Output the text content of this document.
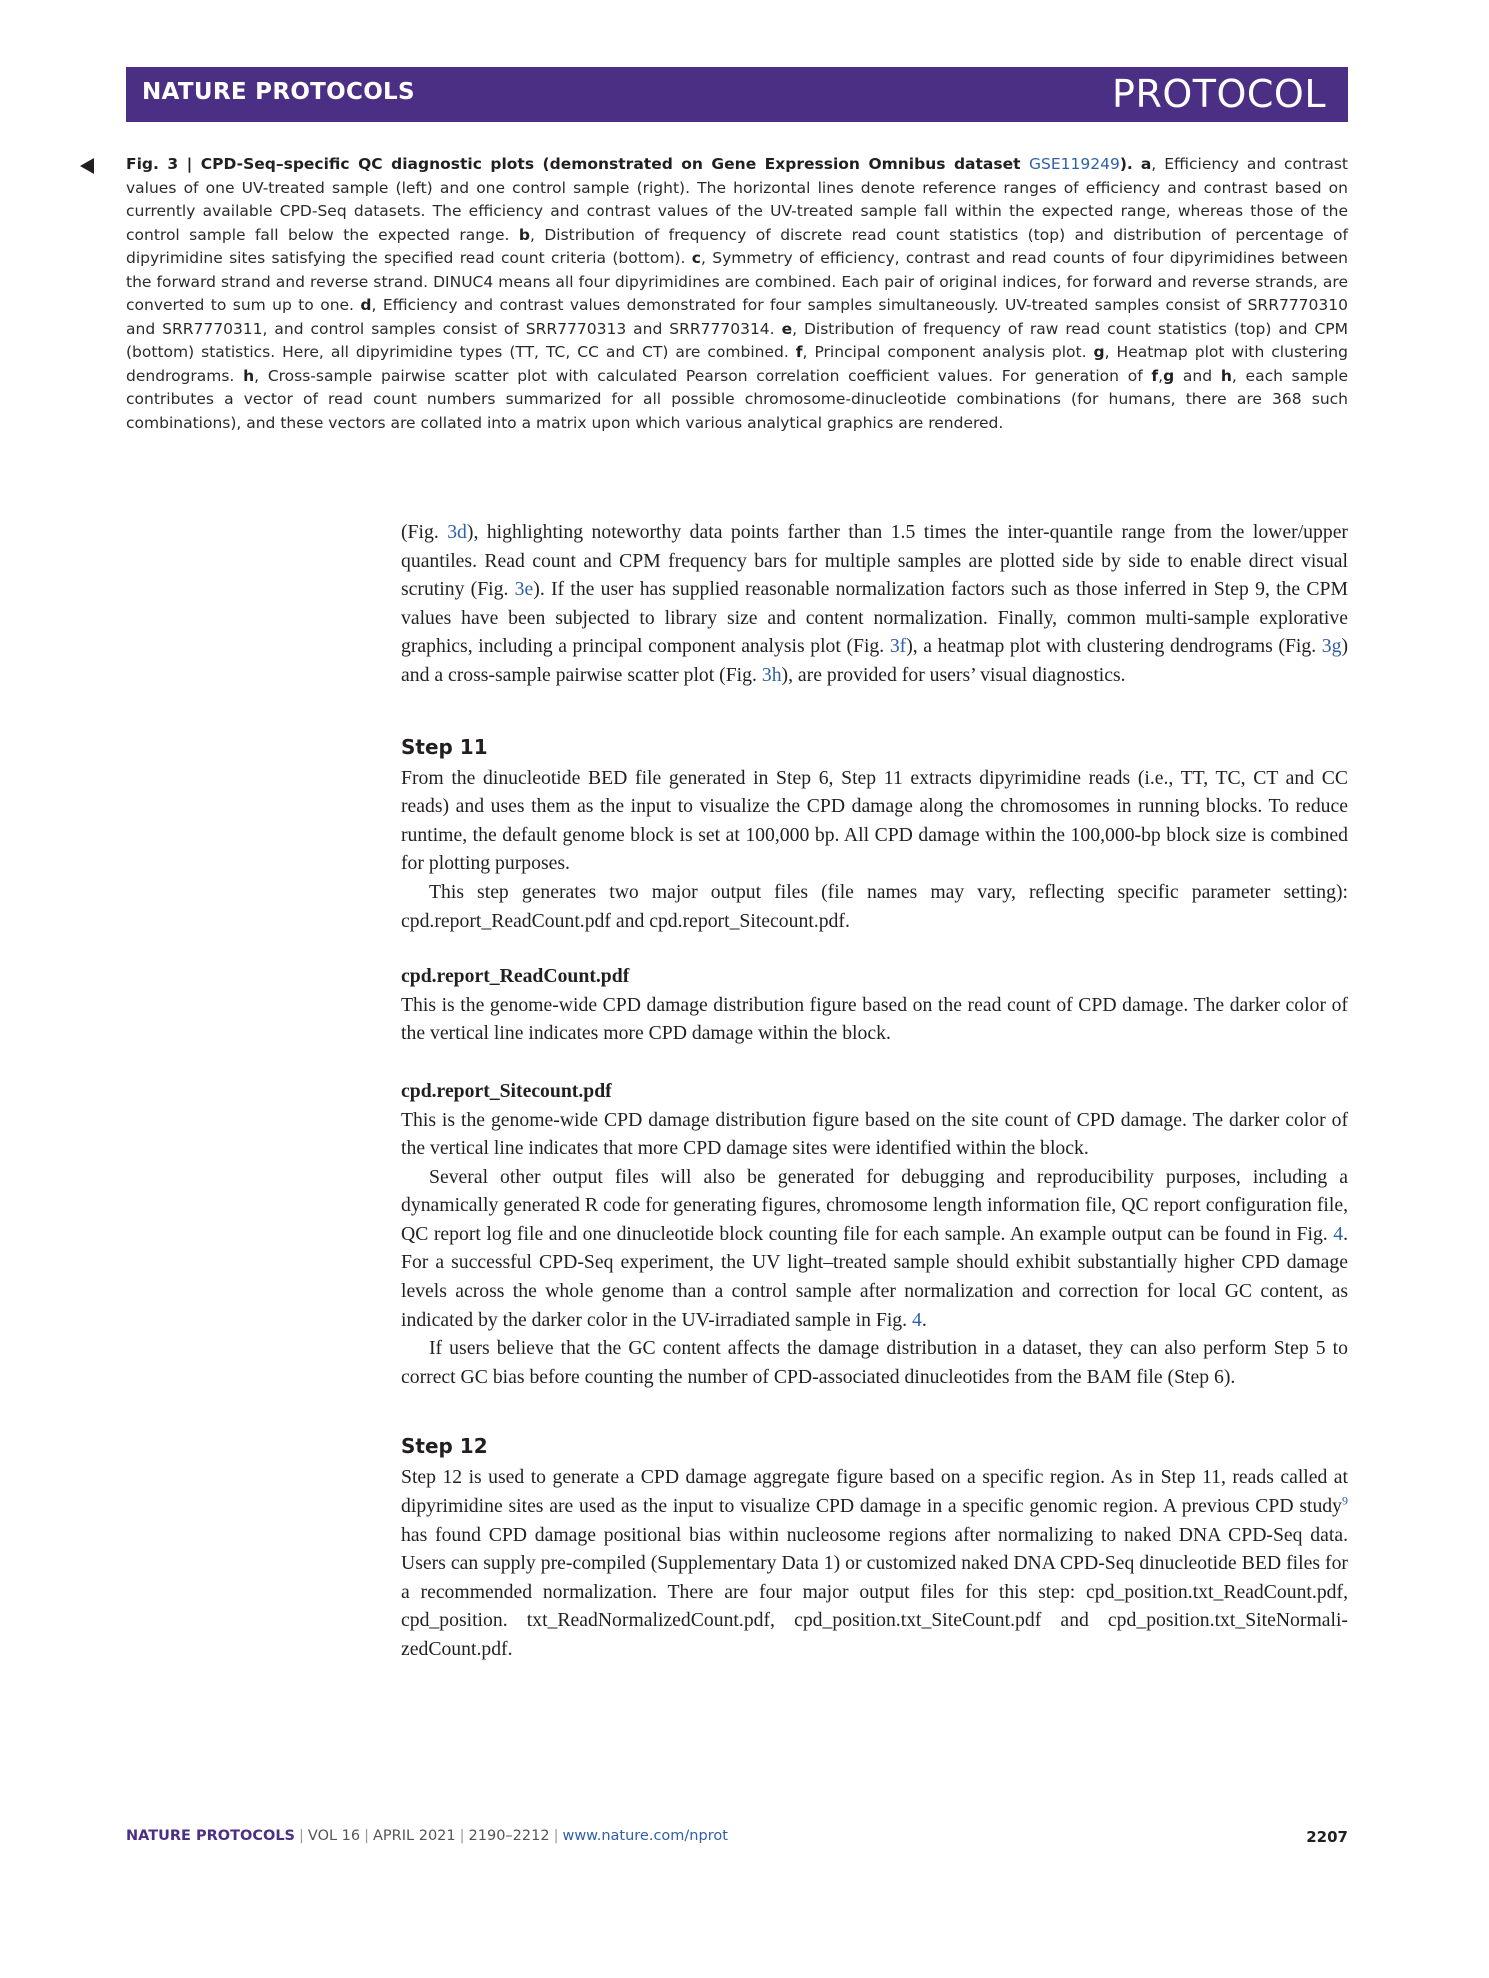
NATURE PROTOCOLS	PROTOCOL
Fig. 3 | CPD-Seq–specific QC diagnostic plots (demonstrated on Gene Expression Omnibus dataset GSE119249). a, Efficiency and contrast values of one UV-treated sample (left) and one control sample (right). The horizontal lines denote reference ranges of efficiency and contrast based on currently available CPD-Seq datasets. The efficiency and contrast values of the UV-treated sample fall within the expected range, whereas those of the control sample fall below the expected range. b, Distribution of frequency of discrete read count statistics (top) and distribution of percentage of dipyrimidine sites satisfying the specified read count criteria (bottom). c, Symmetry of efficiency, contrast and read counts of four dipyrimidines between the forward strand and reverse strand. DINUC4 means all four dipyrimidines are combined. Each pair of original indices, for forward and reverse strands, are converted to sum up to one. d, Efficiency and contrast values demonstrated for four samples simultaneously. UV-treated samples consist of SRR7770310 and SRR7770311, and control samples consist of SRR7770313 and SRR7770314. e, Distribution of frequency of raw read count statistics (top) and CPM (bottom) statistics. Here, all dipyrimidine types (TT, TC, CC and CT) are combined. f, Principal component analysis plot. g, Heatmap plot with clustering dendrograms. h, Cross-sample pairwise scatter plot with calculated Pearson correlation coefficient values. For generation of f,g and h, each sample contributes a vector of read count numbers summarized for all possible chromosome-dinucleotide combinations (for humans, there are 368 such combinations), and these vectors are collated into a matrix upon which various analytical graphics are rendered.

(Fig. 3d), highlighting noteworthy data points farther than 1.5 times the inter-quantile range from the lower/upper quantiles. Read count and CPM frequency bars for multiple samples are plotted side by side to enable direct visual scrutiny (Fig. 3e). If the user has supplied reasonable normalization factors such as those inferred in Step 9, the CPM values have been subjected to library size and content normalization. Finally, common multi-sample explorative graphics, including a principal component analysis plot (Fig. 3f), a heatmap plot with clustering dendrograms (Fig. 3g) and a cross-sample pairwise scatter plot (Fig. 3h), are provided for users’ visual diagnostics.

Step 11

From the dinucleotide BED file generated in Step 6, Step 11 extracts dipyrimidine reads (i.e., TT, TC, CT and CC reads) and uses them as the input to visualize the CPD damage along the chromosomes in running blocks. To reduce runtime, the default genome block is set at 100,000 bp. All CPD damage within the 100,000-bp block size is combined for plotting purposes.

This step generates two major output files (file names may vary, reflecting specific parameter setting): cpd.report_ReadCount.pdf and cpd.report_Sitecount.pdf.

cpd.report_ReadCount.pdf

This is the genome-wide CPD damage distribution figure based on the read count of CPD damage. The darker color of the vertical line indicates more CPD damage within the block.

cpd.report_Sitecount.pdf

This is the genome-wide CPD damage distribution figure based on the site count of CPD damage. The darker color of the vertical line indicates that more CPD damage sites were identified within the block.

Several other output files will also be generated for debugging and reproducibility purposes, including a dynamically generated R code for generating figures, chromosome length information file, QC report configuration file, QC report log file and one dinucleotide block counting file for each sample. An example output can be found in Fig. 4. For a successful CPD-Seq experiment, the UV light–treated sample should exhibit substantially higher CPD damage levels across the whole genome than a control sample after normalization and correction for local GC content, as indicated by the darker color in the UV-irradiated sample in Fig. 4.

If users believe that the GC content affects the damage distribution in a dataset, they can also perform Step 5 to correct GC bias before counting the number of CPD-associated dinucleotides from the BAM file (Step 6).

Step 12

Step 12 is used to generate a CPD damage aggregate figure based on a specific region. As in Step 11, reads called at dipyrimidine sites are used as the input to visualize CPD damage in a specific genomic region. A previous CPD study$^9$ has found CPD damage positional bias within nucleosome regions after normalizing to naked DNA CPD-Seq data. Users can supply pre-compiled (Supplementary Data 1) or customized naked DNA CPD-Seq dinucleotide BED files for a recommended normalization. There are four major output files for this step: cpd_position.txt_ReadCount.pdf, cpd_position. txt_ReadNormalizedCount.pdf, cpd_position.txt_SiteCount.pdf and cpd_position.txt_SiteNormali-zedCount.pdf.

NATURE PROTOCOLS | VOL 16 | APRIL 2021 | 2190–2212 | www.nature.com/nprot	2207
